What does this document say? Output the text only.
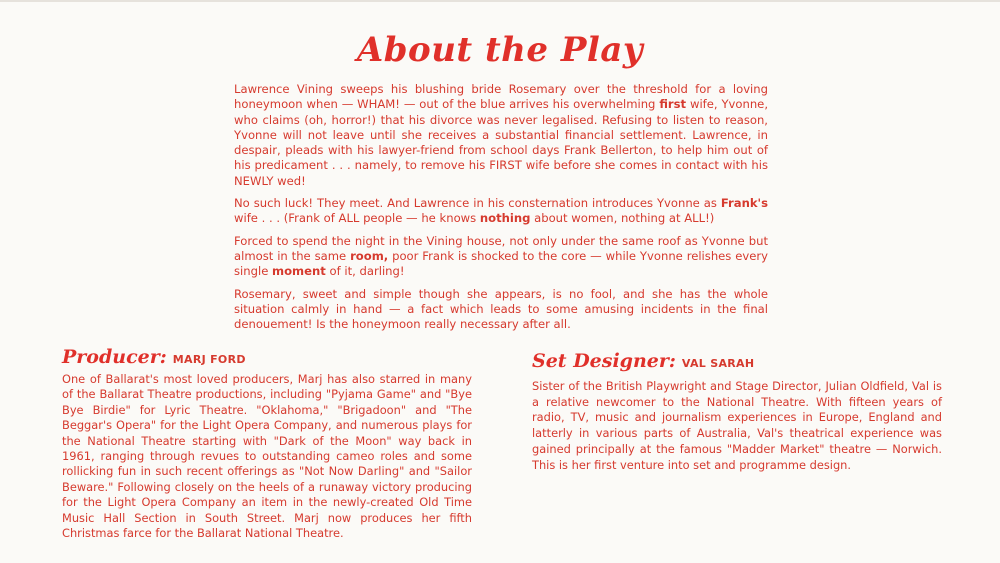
About the Play

Lawrence Vining sweeps his blushing bride Rosemary over the threshold for a loving honeymoon when — WHAM! — out of the blue arrives his overwhelming first wife, Yvonne, who claims (oh, horror!) that his divorce was never legalised. Refusing to listen to reason, Yvonne will not leave until she receives a substantial financial settlement. Lawrence, in despair, pleads with his lawyer-friend from school days Frank Bellerton, to help him out of his predicament . . . namely, to remove his FIRST wife before she comes in contact with his NEWLY wed!

No such luck! They meet. And Lawrence in his consternation introduces Yvonne as Frank's wife . . . (Frank of ALL people — he knows nothing about women, nothing at ALL!)

Forced to spend the night in the Vining house, not only under the same roof as Yvonne but almost in the same room, poor Frank is shocked to the core — while Yvonne relishes every single moment of it, darling!

Rosemary, sweet and simple though she appears, is no fool, and she has the whole situation calmly in hand — a fact which leads to some amusing incidents in the final denouement! Is the honeymoon really necessary after all.

Producer: MARJ FORD
One of Ballarat's most loved producers, Marj has also starred in many of the Ballarat Theatre productions, including "Pyjama Game" and "Bye Bye Birdie" for Lyric Theatre. "Oklahoma," "Brigadoon" and "The Beggar's Opera" for the Light Opera Company, and numerous plays for the National Theatre starting with "Dark of the Moon" way back in 1961, ranging through revues to outstanding cameo roles and some rollicking fun in such recent offerings as "Not Now Darling" and "Sailor Beware." Following closely on the heels of a runaway victory producing for the Light Opera Company an item in the newly-created Old Time Music Hall Section in South Street. Marj now produces her fifth Christmas farce for the Ballarat National Theatre.
Set Designer: VAL SARAH
Sister of the British Playwright and Stage Director, Julian Oldfield, Val is a relative newcomer to the National Theatre. With fifteen years of radio, TV, music and journalism experiences in Europe, England and latterly in various parts of Australia, Val's theatrical experience was gained principally at the famous "Madder Market" theatre — Norwich. This is her first venture into set and programme design.
